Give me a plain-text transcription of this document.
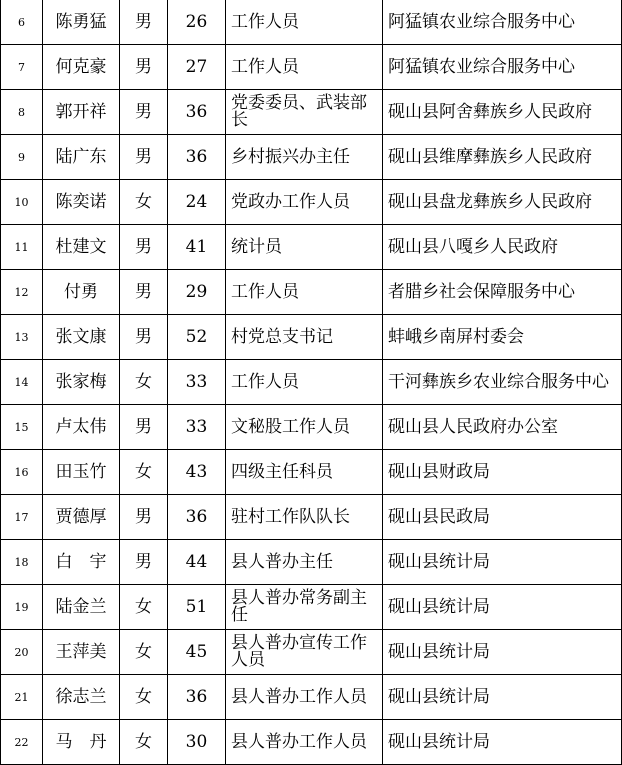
6	陈勇猛	男	26	工作人员	阿猛镇农业综合服务中心
7	何克豪	男	27	工作人员	阿猛镇农业综合服务中心
8	郭开祥	男	36	党委委员、武装部长	砚山县阿舍彝族乡人民政府
9	陆广东	男	36	乡村振兴办主任	砚山县维摩彝族乡人民政府
10	陈奕诺	女	24	党政办工作人员	砚山县盘龙彝族乡人民政府
11	杜建文	男	41	统计员	砚山县八嘎乡人民政府
12	付勇	男	29	工作人员	者腊乡社会保障服务中心
13	张文康	男	52	村党总支书记	蚌峨乡南屏村委会
14	张家梅	女	33	工作人员	干河彝族乡农业综合服务中心
15	卢太伟	男	33	文秘股工作人员	砚山县人民政府办公室
16	田玉竹	女	43	四级主任科员	砚山县财政局
17	贾德厚	男	36	驻村工作队队长	砚山县民政局
18	白　宇	男	44	县人普办主任	砚山县统计局
19	陆金兰	女	51	县人普办常务副主任	砚山县统计局
20	王萍美	女	45	县人普办宣传工作人员	砚山县统计局
21	徐志兰	女	36	县人普办工作人员	砚山县统计局
22	马　丹	女	30	县人普办工作人员	砚山县统计局
